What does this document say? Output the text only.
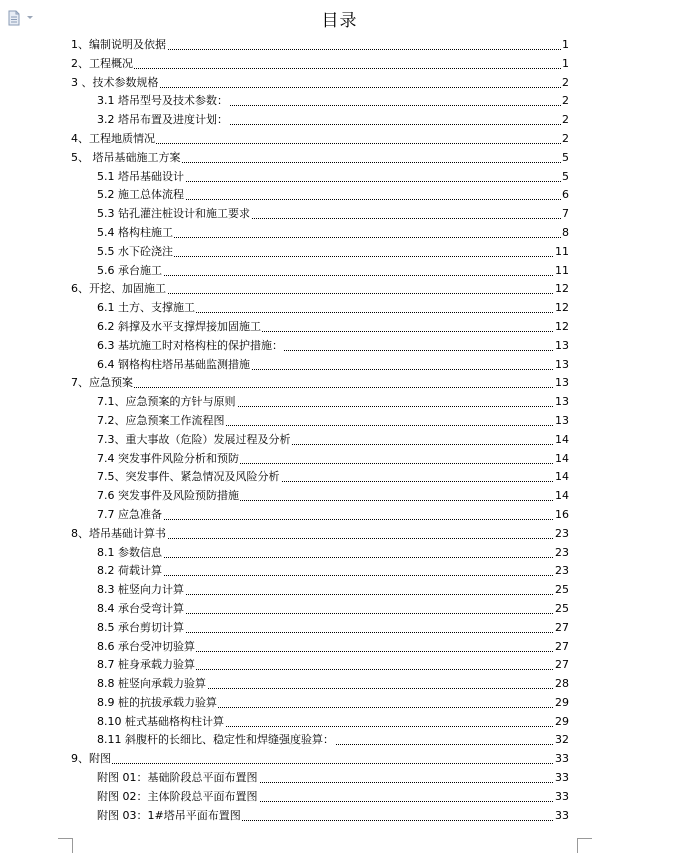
目录
1、编制说明及依据	1
2、工程概况	1
3 、技术参数规格	2
3.1 塔吊型号及技术参数：	2
3.2 塔吊布置及进度计划：	2
4、工程地质情况	2
5、 塔吊基础施工方案	5
5.1 塔吊基础设计	5
5.2 施工总体流程	6
5.3 钻孔灌注桩设计和施工要求	7
5.4 格构柱施工	8
5.5 水下砼浇注	11
5.6 承台施工	11
6、开挖、加固施工	12
6.1 土方、支撑施工	12
6.2 斜撑及水平支撑焊接加固施工	12
6.3 基坑施工时对格构柱的保护措施：	13
6.4 钢格构柱塔吊基础监测措施	13
7、应急预案	13
7.1、应急预案的方针与原则	13
7.2、应急预案工作流程图	13
7.3、重大事故（危险）发展过程及分析	14
7.4 突发事件风险分析和预防	14
7.5、突发事件、紧急情况及风险分析	14
7.6 突发事件及风险预防措施	14
7.7 应急准备	16
8、塔吊基础计算书	23
8.1 参数信息	23
8.2 荷载计算	23
8.3 桩竖向力计算	25
8.4 承台受弯计算	25
8.5 承台剪切计算	27
8.6 承台受冲切验算	27
8.7 桩身承载力验算	27
8.8 桩竖向承载力验算	28
8.9 桩的抗拔承载力验算	29
8.10 桩式基础格构柱计算	29
8.11 斜腹杆的长细比、稳定性和焊缝强度验算：	32
9、附图	33
附图 01：基础阶段总平面布置图	33
附图 02：主体阶段总平面布置图	33
附图 03：1#塔吊平面布置图	33
